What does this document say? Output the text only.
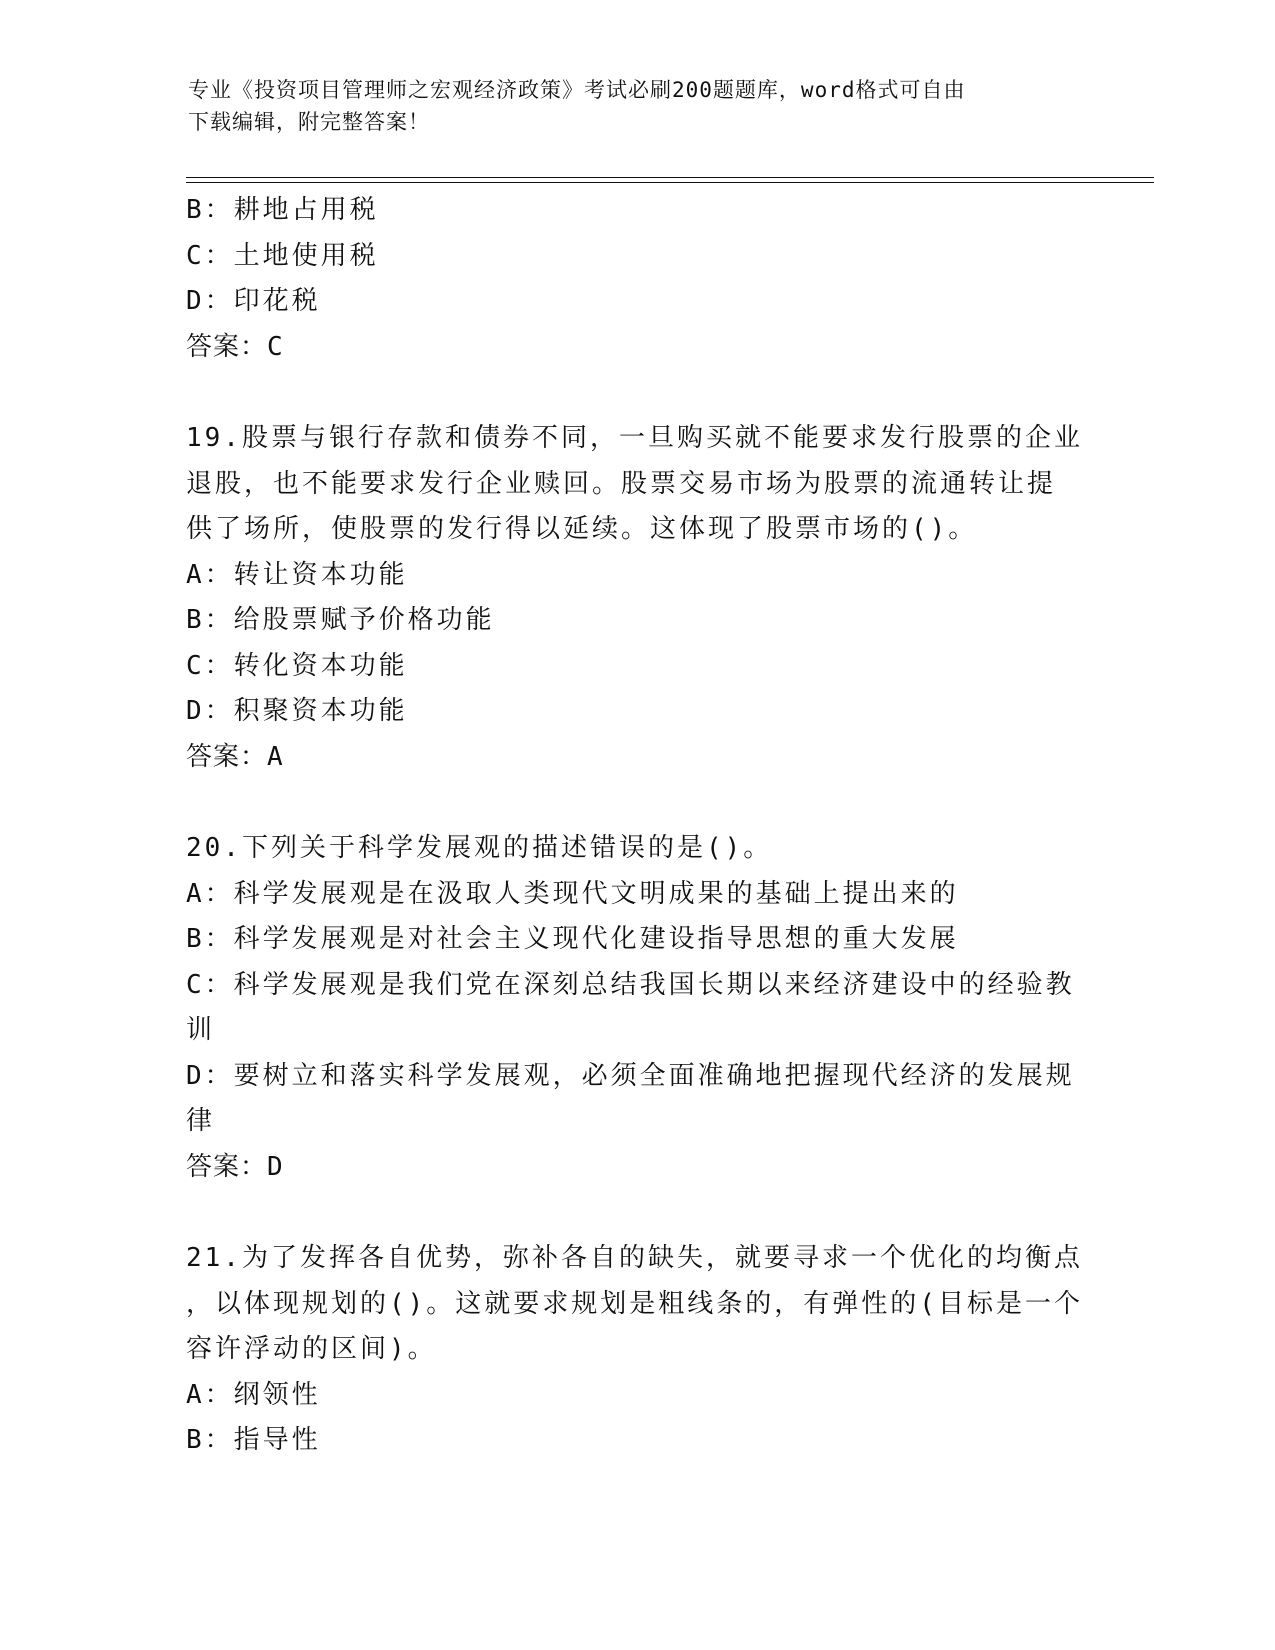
专业《投资项目管理师之宏观经济政策》考试必刷200题题库，word格式可自由
下载编辑，附完整答案！

B：耕地占用税

C：土地使用税

D：印花税

答案：C

19.股票与银行存款和债券不同，一旦购买就不能要求发行股票的企业

退股，也不能要求发行企业赎回。股票交易市场为股票的流通转让提

供了场所，使股票的发行得以延续。这体现了股票市场的()。

A：转让资本功能

B：给股票赋予价格功能

C：转化资本功能

D：积聚资本功能

答案：A

20.下列关于科学发展观的描述错误的是()。

A：科学发展观是在汲取人类现代文明成果的基础上提出来的

B：科学发展观是对社会主义现代化建设指导思想的重大发展

C：科学发展观是我们党在深刻总结我国长期以来经济建设中的经验教

训

D：要树立和落实科学发展观，必须全面准确地把握现代经济的发展规

律

答案：D

21.为了发挥各自优势，弥补各自的缺失，就要寻求一个优化的均衡点

，以体现规划的()。这就要求规划是粗线条的，有弹性的(目标是一个

容许浮动的区间)。

A：纲领性

B：指导性
